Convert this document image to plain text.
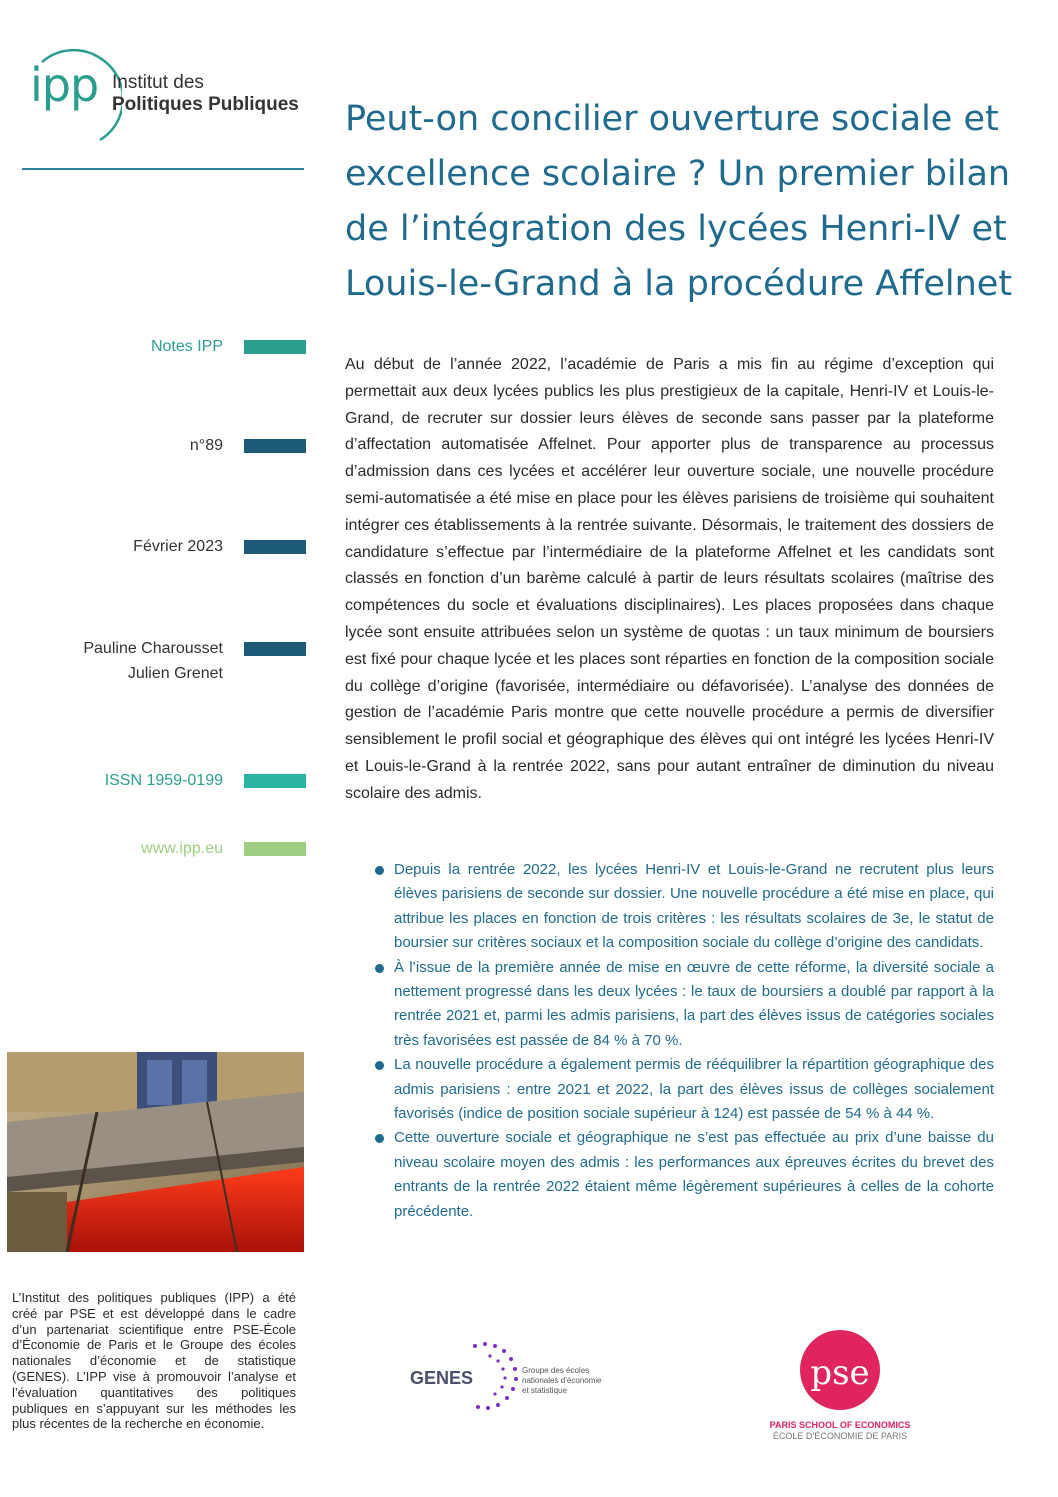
ipp Institut des
Politiques Publiques Peut-on concilier ouverture sociale et excellence scolaire ? Un premier bilan de l’intégration des lycées Henri-IV et Louis-le-Grand à la procédure Affelnet
Notes IPP
n°89
Février 2023
Pauline Charousset
Julien Grenet
ISSN 1959-0199
www.ipp.eu

Au début de l’année 2022, l’académie de Paris a mis fin au régime d’exception qui permettait aux deux lycées publics les plus prestigieux de la capitale, Henri-IV et Louis-le-Grand, de recruter sur dossier leurs élèves de seconde sans passer par la plateforme d’affectation automatisée Affelnet. Pour apporter plus de transparence au processus d’admission dans ces lycées et accélérer leur ouverture sociale, une nouvelle procédure semi-automatisée a été mise en place pour les élèves parisiens de troisième qui souhaitent intégrer ces établissements à la rentrée suivante. Désormais, le traitement des dossiers de candidature s’effectue par l’intermédiaire de la plateforme Affelnet et les candidats sont classés en fonction d’un barème calculé à partir de leurs résultats scolaires (maîtrise des compétences du socle et évaluations disciplinaires). Les places proposées dans chaque lycée sont ensuite attribuées selon un système de quotas : un taux minimum de boursiers est fixé pour chaque lycée et les places sont réparties en fonction de la composition sociale du collège d’origine (favorisée, intermédiaire ou défavorisée). L’analyse des données de gestion de l’académie Paris montre que cette nouvelle procédure a permis de diversifier sensiblement le profil social et géographique des élèves qui ont intégré les lycées Henri-IV et Louis-le-Grand à la rentrée 2022, sans pour autant entraîner de diminution du niveau scolaire des admis.

Depuis la rentrée 2022, les lycées Henri-IV et Louis-le-Grand ne recrutent plus leurs élèves parisiens de seconde sur dossier. Une nouvelle procédure a été mise en place, qui attribue les places en fonction de trois critères : les résultats scolaires de 3e, le statut de boursier sur critères sociaux et la composition sociale du collège d’origine des candidats.
À l’issue de la première année de mise en œuvre de cette réforme, la diversité sociale a nettement progressé dans les deux lycées : le taux de boursiers a doublé par rapport à la rentrée 2021 et, parmi les admis parisiens, la part des élèves issus de catégories sociales très favorisées est passée de 84 % à 70 %.
La nouvelle procédure a également permis de rééquilibrer la répartition géographique des admis parisiens : entre 2021 et 2022, la part des élèves issus de collèges socialement favorisés (indice de position sociale supérieur à 124) est passée de 54 % à 44 %.
Cette ouverture sociale et géographique ne s’est pas effectuée au prix d’une baisse du niveau scolaire moyen des admis : les performances aux épreuves écrites du brevet des entrants de la rentrée 2022 étaient même légèrement supérieures à celles de la cohorte précédente.

L’Institut des politiques publiques (IPP) a été créé par PSE et est développé dans le cadre d’un partenariat scientifique entre PSE-École d’Économie de Paris et le Groupe des écoles nationales d’économie et de statistique (GENES). L’IPP vise à promouvoir l’analyse et l’évaluation quantitatives des politiques publiques en s’appuyant sur les méthodes les plus récentes de la recherche en économie.

GENES	Groupe des écoles
nationales d’économie
et statistique	pse
PARIS SCHOOL OF ECONOMICS
ÉCOLE D’ÉCONOMIE DE PARIS
